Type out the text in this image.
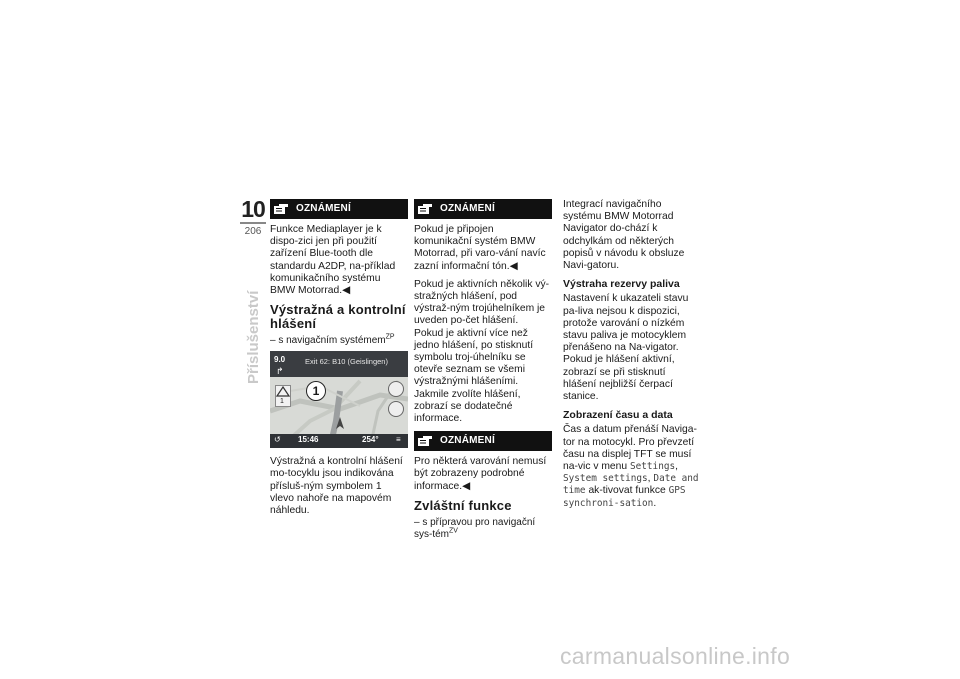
10
206
Příslušenství
OZNÁMENÍ

Funkce Mediaplayer je k dispo-zici jen při použití zařízení Blue-tooth dle standardu A2DP, na-příklad komunikačního systému BMW Motorrad.◀

Výstražná a kontrolní hlášení
– s navigačním systémem$^{ZP}$
9.0
↱
Exit 62: B10 (Geislingen)
1
1
↺ 15:46	254° ≡

Výstražná a kontrolní hlášení mo-tocyklu jsou indikována přísluš-ným symbolem 1 vlevo nahoře na mapovém náhledu.

OZNÁMENÍ

Pokud je připojen komunikační systém BMW Motorrad, při varo-vání navíc zazní informační tón.◀

Pokud je aktivních několik vý-stražných hlášení, pod výstraž-ným trojúhelníkem je uveden po-čet hlášení.

Pokud je aktivní více než jedno hlášení, po stisknutí symbolu troj-úhelníku se otevře seznam se všemi výstražnými hlášeními. Jakmile zvolíte hlášení, zobrazí se dodatečné informace.

OZNÁMENÍ

Pro některá varování nemusí být zobrazeny podrobné informace.◀

Zvláštní funkce
– s přípravou pro navigační sys-tém$^{ZV}$

Integrací navigačního systému BMW Motorrad Navigator do-chází k odchylkám od některých popisů v návodu k obsluze Navi-gatoru.

Výstraha rezervy paliva

Nastavení k ukazateli stavu pa-liva nejsou k dispozici, protože varování o nízkém stavu paliva je motocyklem přenášeno na Na-vigator. Pokud je hlášení aktivní, zobrazí se při stisknutí hlášení nejbližší čerpací stanice.

Zobrazení času a data

Čas a datum přenáší Naviga-tor na motocykl. Pro převzetí času na displej TFT se musí na-vic v menu Settings, System settings, Date and time ak-tivovat funkce GPS synchroni-sation.

carmanualsonline.info
